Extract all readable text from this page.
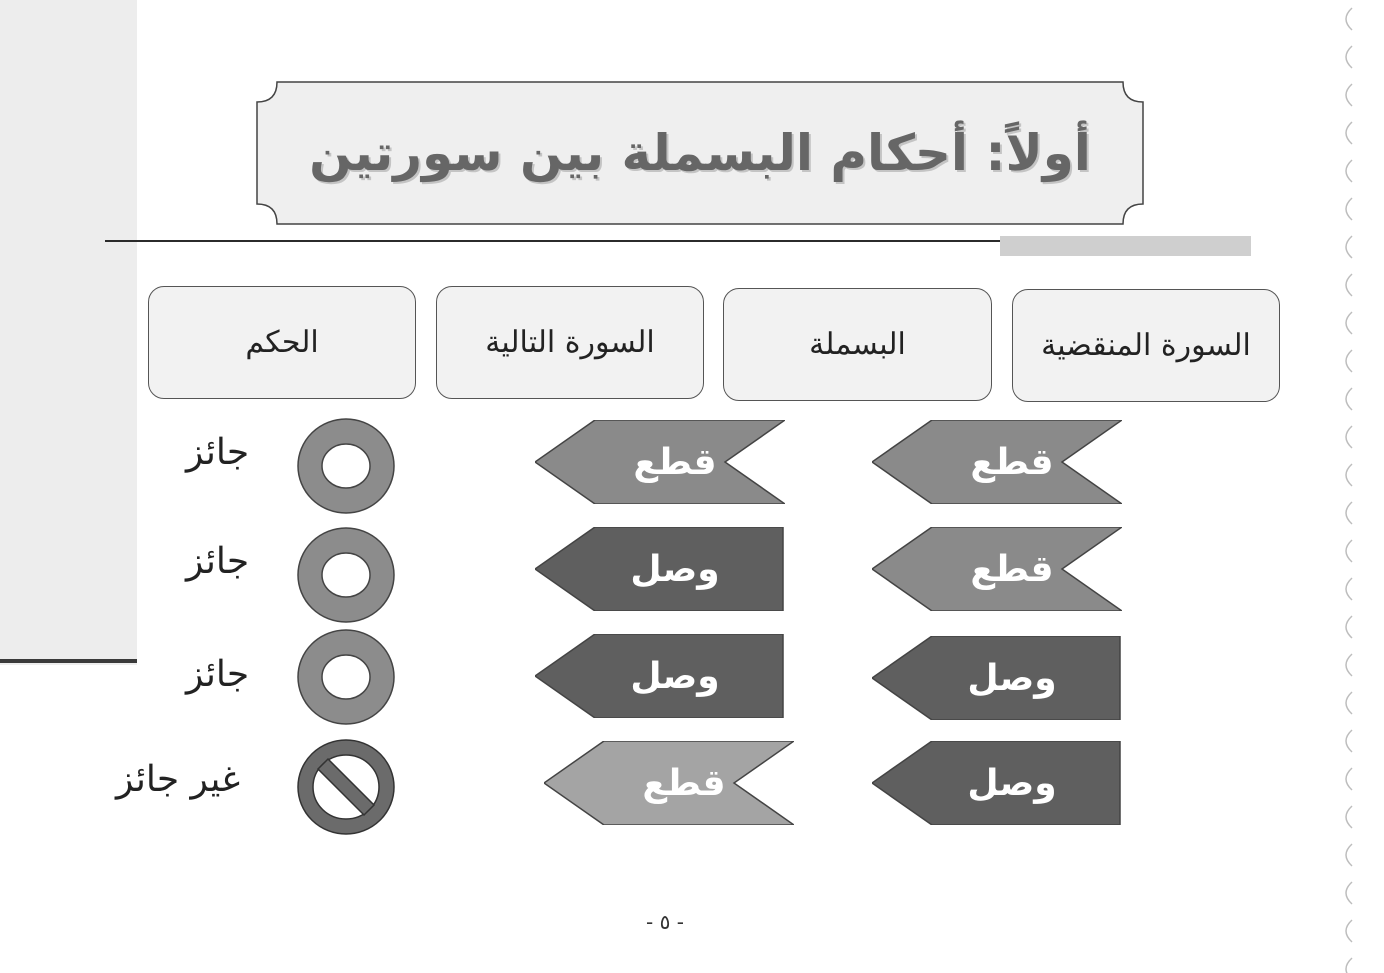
أولاً: أحكام البسملة بين سورتين
السورة المنقضية
البسملة
السورة التالية
الحكم
قطع
قطع
جائز
قطع
وصل
جائز
وصل
وصل
جائز
وصل
قطع
غير جائز
- ٥ -
